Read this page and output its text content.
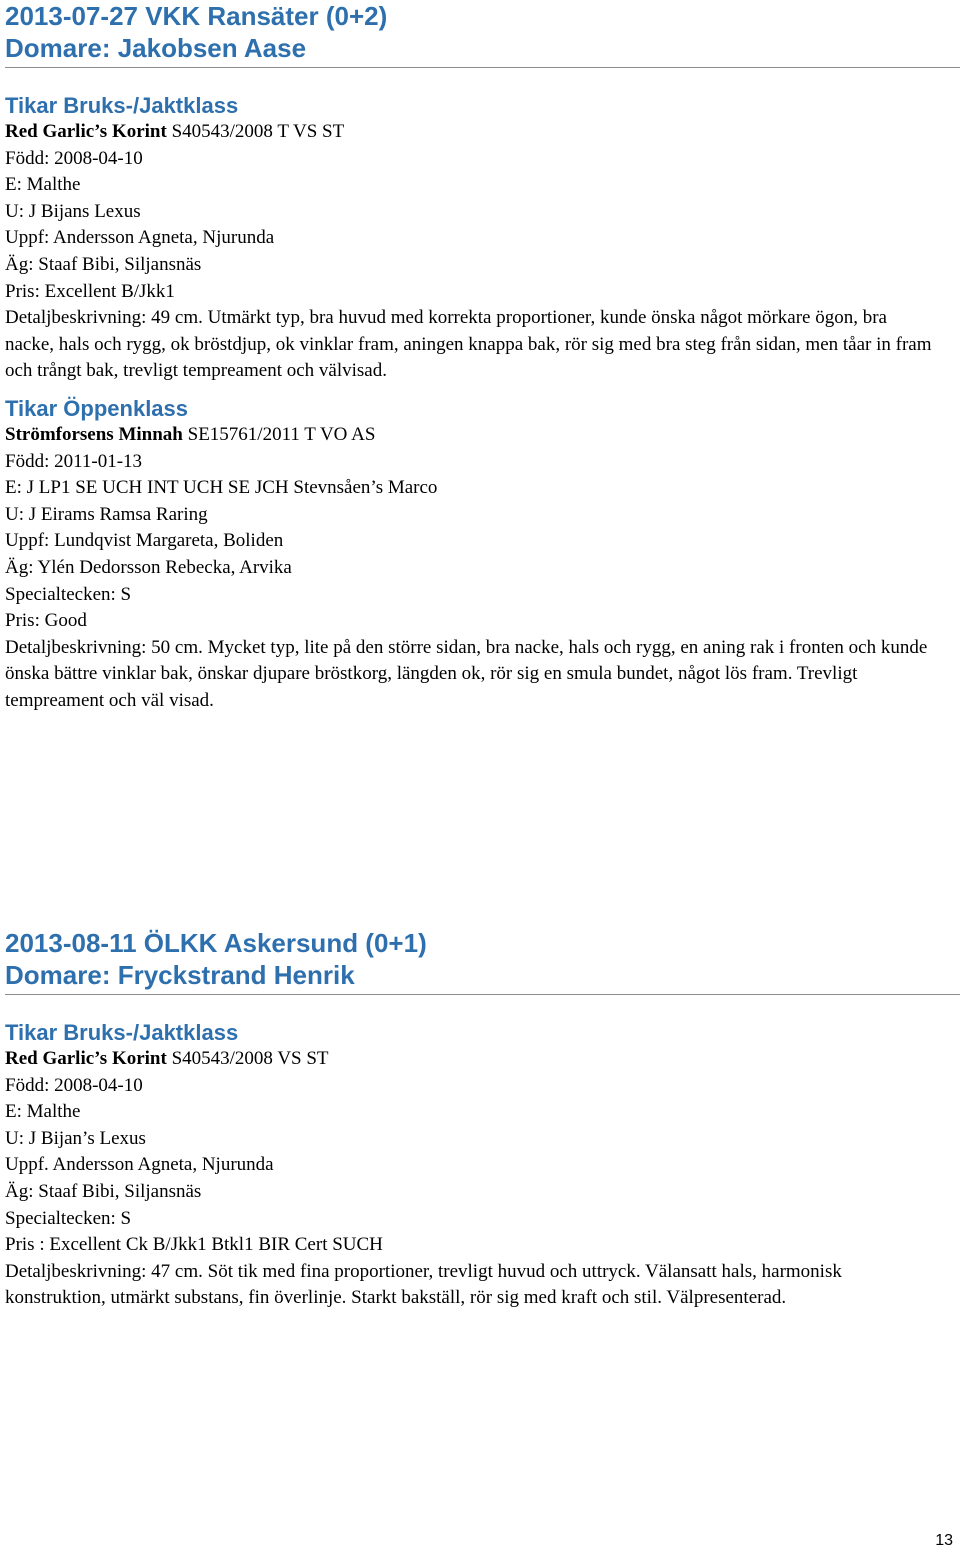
2013-07-27 VKK Ransäter (0+2)
Domare: Jakobsen Aase
Tikar Bruks-/Jaktklass
Red Garlic’s Korint S40543/2008 T VS ST
Född: 2008-04-10
E: Malthe
U: J Bijans Lexus
Uppf: Andersson Agneta, Njurunda
Äg: Staaf Bibi, Siljansnäs
Pris: Excellent B/Jkk1
Detaljbeskrivning: 49 cm. Utmärkt typ, bra huvud med korrekta proportioner, kunde önska något mörkare ögon, bra nacke, hals och rygg, ok bröstdjup, ok vinklar fram, aningen knappa bak, rör sig med bra steg från sidan, men tåar in fram och trångt bak, trevligt tempreament och välvisad.
Tikar Öppenklass
Strömforsens Minnah SE15761/2011 T VO AS
Född: 2011-01-13
E: J LP1 SE UCH INT UCH SE JCH Stevnsåen’s Marco
U: J Eirams Ramsa Raring
Uppf: Lundqvist Margareta, Boliden
Äg: Ylén Dedorsson Rebecka, Arvika
Specialtecken: S
Pris: Good
Detaljbeskrivning: 50 cm. Mycket typ, lite på den större sidan, bra nacke, hals och rygg, en aning rak i fronten och kunde önska bättre vinklar bak, önskar djupare bröstkorg, längden ok, rör sig en smula bundet, något lös fram. Trevligt tempreament och väl visad.
2013-08-11 ÖLKK Askersund (0+1)
Domare: Fryckstrand Henrik
Tikar Bruks-/Jaktklass
Red Garlic’s Korint S40543/2008 VS ST
Född: 2008-04-10
E: Malthe
U: J Bijan’s Lexus
Uppf. Andersson Agneta, Njurunda
Äg: Staaf Bibi, Siljansnäs
Specialtecken: S
Pris : Excellent Ck B/Jkk1 Btkl1 BIR Cert SUCH
Detaljbeskrivning: 47 cm. Söt tik med fina proportioner, trevligt huvud och uttryck. Välansatt hals, harmonisk konstruktion, utmärkt substans, fin överlinje. Starkt bakställ, rör sig med kraft och stil. Välpresenterad.
13
